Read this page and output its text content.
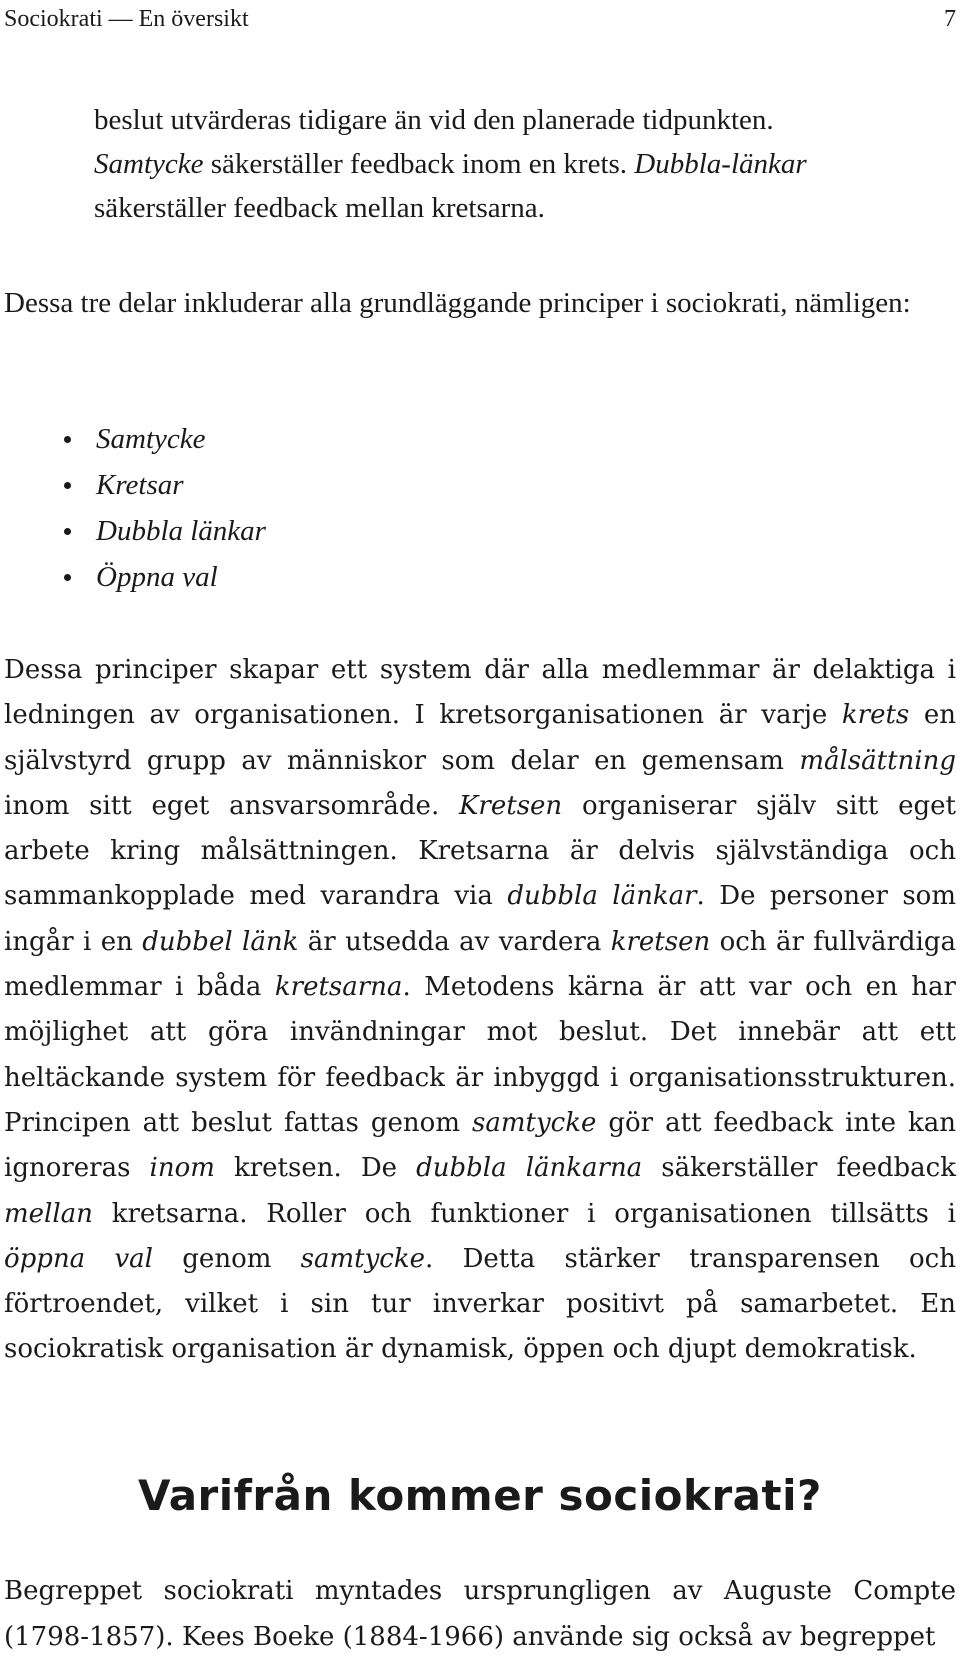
Sociokrati — En översikt	7

beslut utvärderas tidigare än vid den planerade tidpunkten.
Samtycke säkerställer feedback inom en krets. Dubbla-länkar
säkerställer feedback mellan kretsarna.

Dessa tre delar inkluderar alla grundläggande principer i sociokrati, nämligen:

Samtycke
Kretsar
Dubbla länkar
Öppna val

Dessa principer skapar ett system där alla medlemmar är delaktiga i ledningen av organisationen. I kretsorganisationen är varje krets en självstyrd grupp av människor som delar en gemensam målsättning inom sitt eget ansvarsområde. Kretsen organiserar själv sitt eget arbete kring målsättningen. Kretsarna är delvis självständiga och sammankopplade med varandra via dubbla länkar. De personer som ingår i en dubbel länk är utsedda av vardera kretsen och är fullvärdiga medlemmar i båda kretsarna. Metodens kärna är att var och en har möjlighet att göra invändningar mot beslut. Det innebär att ett heltäckande system för feedback är inbyggd i organisationsstrukturen. Principen att beslut fattas genom samtycke gör att feedback inte kan ignoreras inom kretsen. De dubbla länkarna säkerställer feedback mellan kretsarna. Roller och funktioner i organisationen tillsätts i öppna val genom samtycke. Detta stärker transparensen och förtroendet, vilket i sin tur inverkar positivt på samarbetet. En sociokratisk organisation är dynamisk, öppen och djupt demokratisk.

Varifrån kommer sociokrati?

Begreppet sociokrati myntades ursprungligen av Auguste Compte (1798-1857). Kees Boeke (1884-1966) använde sig också av begreppet
